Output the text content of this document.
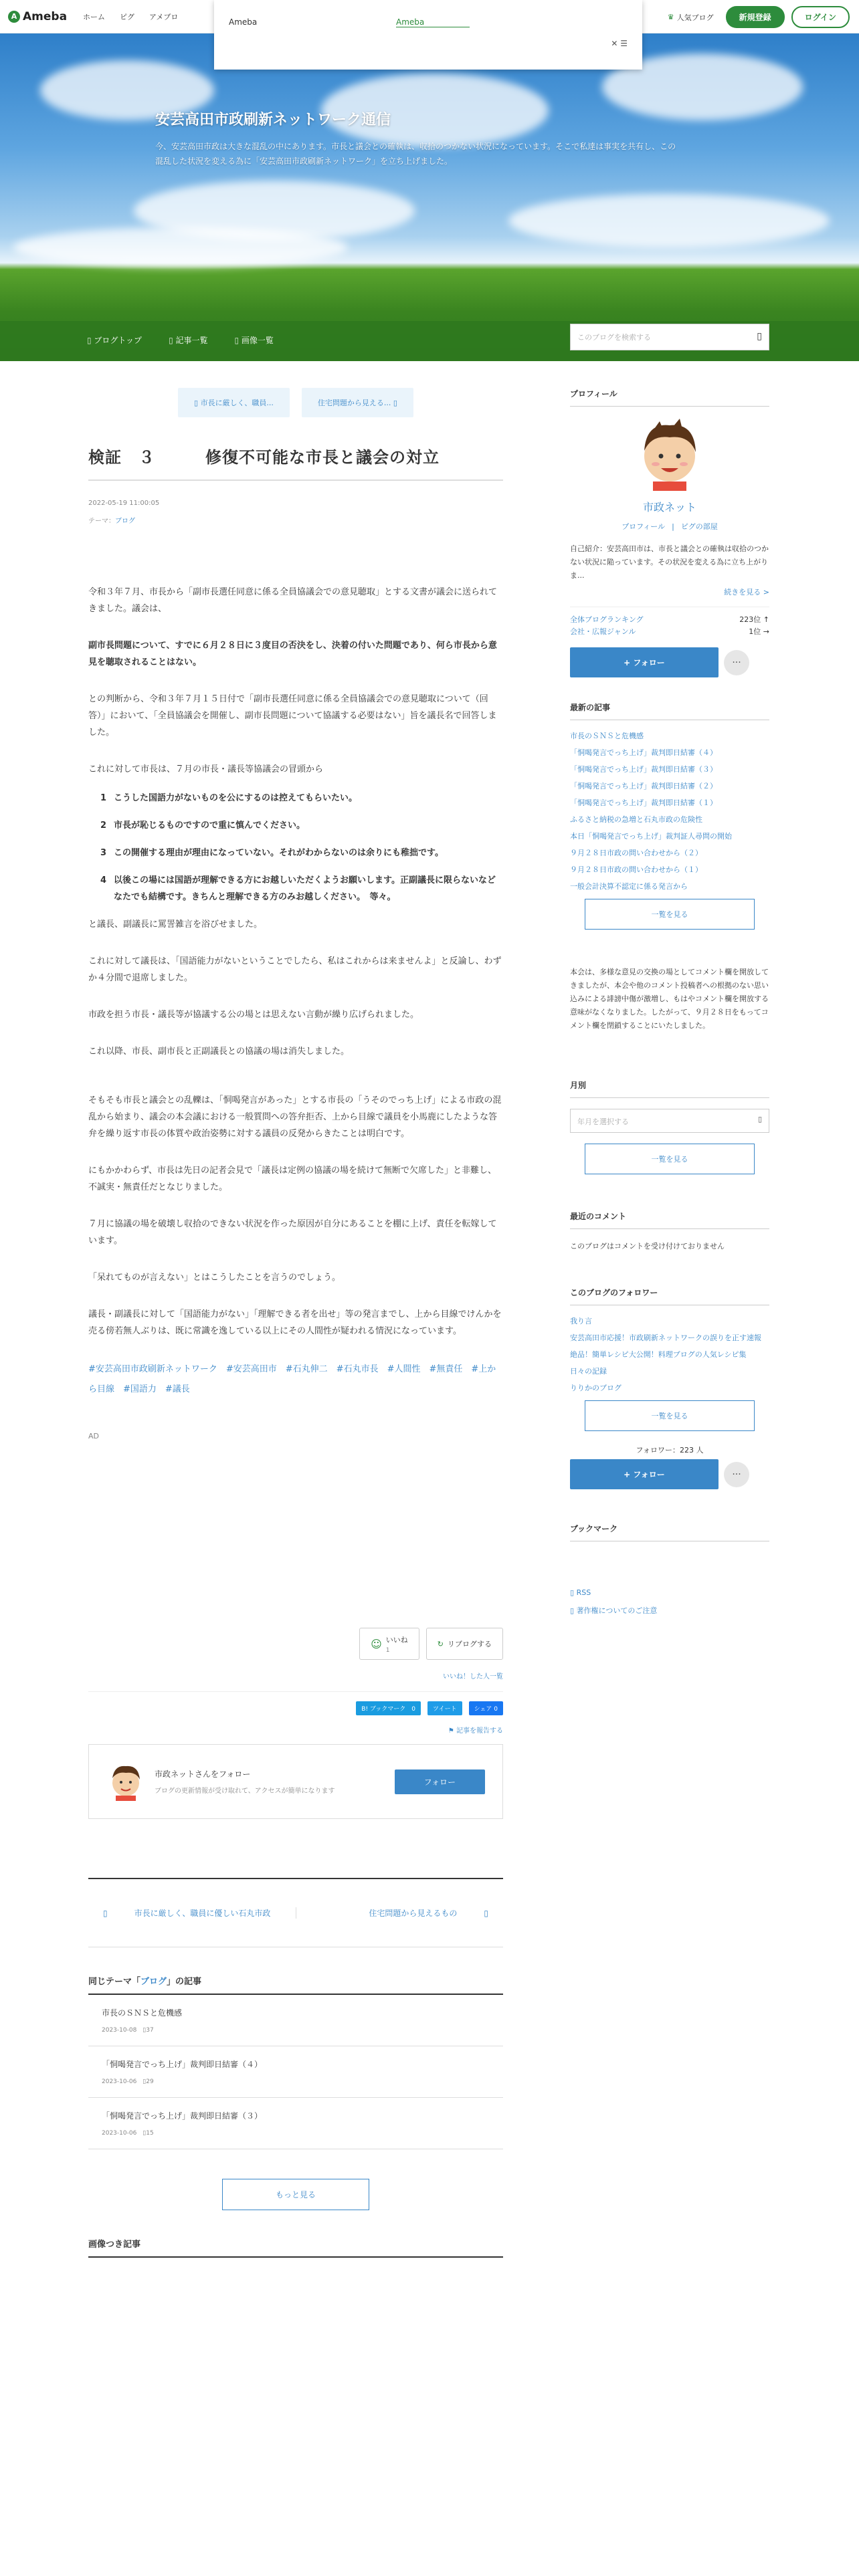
A Ameba ホーム ピグ アメブロ	♛ 人気ブログ	新規登録	ログイン
安芸高田市政刷新ネットワーク通信
今、安芸高田市政は大きな混乱の中にあります。市長と議会との確執は、収拾のつかない状況になっています。そこで私達は事実を共有し、この混乱した状況を変える為に「安芸高田市政刷新ネットワーク」を立ち上げました。
Ameba	Ameba
✕ ☰
▯ ブログトップ	▯ 記事一覧	▯ 画像一覧	このブログを検索する	▯
▯ 市長に厳しく、職員...	住宅問題から見える... ▯
検証　３　　　修復不可能な市長と議会の対立
2022-05-19 11:00:05
テーマ：ブログ

令和３年７月、市長から「副市長選任同意に係る全員協議会での意見聴取」とする文書が議会に送られてきました。議会は、

副市長問題について、すでに６月２８日に３度目の否決をし、決着の付いた問題であり、何ら市長から意見を聴取されることはない。

との判断から、令和３年７月１５日付で「副市長選任同意に係る全員協議会での意見聴取について（回答）」において、「全員協議会を開催し、副市長問題について協議する必要はない」旨を議長名で回答しました。

これに対して市長は、７月の市長・議長等協議会の冒頭から

1 こうした国語力がないものを公にするのは控えてもらいたい。
2 市長が恥じるものですので重に慎んでください。
3 この開催する理由が理由になっていない。それがわからないのは余りにも稚拙です。
4 以後この場には国語が理解できる方にお越しいただくようお願いします。正副議長に限らないなどなたでも結構です。きちんと理解できる方のみお越しください。　等々。

と議長、副議長に罵詈雑言を浴びせました。

これに対して議長は、「国語能力がないということでしたら、私はこれからは来ませんよ」と反論し、わずか４分間で退席しました。

市政を担う市長・議長等が協議する公の場とは思えない言動が繰り広げられました。

これ以降、市長、副市長と正副議長との協議の場は消失しました。

そもそも市長と議会との乱轢は、「恫喝発言があった」とする市長の「うそのでっち上げ」による市政の混乱から始まり、議会の本会議における一般質問への答弁拒否、上から目線で議員を小馬鹿にしたような答弁を繰り返す市長の体質や政治姿勢に対する議員の反発からきたことは明白です。

にもかかわらず、市長は先日の記者会見で「議長は定例の協議の場を続けて無断で欠席した」と非難し、不誠実・無責任だとなじりました。

７月に協議の場を破壊し収拾のできない状況を作った原因が自分にあることを棚に上げ、責任を転嫁しています。

「呆れてものが言えない」とはこうしたことを言うのでしょう。

議長・副議長に対して「国語能力がない」「理解できる者を出せ」等の発言までし、上から目線でけんかを売る傍若無人ぶりは、既に常識を逸している以上にその人間性が疑われる情況になっています。

#安芸高田市政刷新ネットワーク　#安芸高田市　#石丸伸二　#石丸市長　#人間性　#無責任　#上から目線　#国語力　#議長
AD
☺ いいね
1
↻ リブログする
いいね！した人一覧
B! ブックマーク　0	ツイート	シェア 0
⚑ 記事を報告する
市政ネットさんをフォロー
ブログの更新情報が受け取れて、アクセスが簡単になります
フォロー
▯	市長に厳しく、職員に優しい石丸市政	住宅問題から見えるもの	▯
同じテーマ「ブログ」の記事
市長のＳＮＳと危機感
2023-10-08　▯37
「恫喝発言でっち上げ」裁判即日結審（４）
2023-10-06　▯29
「恫喝発言でっち上げ」裁判即日結審（３）
2023-10-06　▯15
もっと見る
画像つき記事
プロフィール
市政ネット
プロフィール | ピグの部屋
自己紹介：安芸高田市は、市長と議会との確執は収拾のつかない状況に陥っています。その状況を変える為に立ち上がりま...
続きを見る >
全体ブログランキング	223位 ↑
会社・広報ジャンル	1位 →
+ フォロー	···
最新の記事
市長のＳＮＳと危機感
「恫喝発言でっち上げ」裁判即日結審（４）
「恫喝発言でっち上げ」裁判即日結審（３）
「恫喝発言でっち上げ」裁判即日結審（２）
「恫喝発言でっち上げ」裁判即日結審（１）
ふるさと納税の急増と石丸市政の危険性
本日「恫喝発言でっち上げ」裁判証人尋問の開始
９月２８日市政の問い合わせから（２）
９月２８日市政の問い合わせから（１）
一般会計決算不認定に係る発言から
一覧を見る
本会は、多様な意見の交換の場としてコメント欄を開放してきましたが、本会や他のコメント投稿者への根拠のない思い込みによる誹謗中傷が激増し、もはやコメント欄を開放する意味がなくなりました。したがって、９月２８日をもってコメント欄を閉鎖することにいたしました。
月別
年月を選択する	▯
一覧を見る
最近のコメント
このブログはコメントを受け付けておりません
このブログのフォロワー
我り言
安芸高田市応援！市政刷新ネットワークの誤りを正す速報
絶品！簡単レシピ大公開！料理ブログの人気レシピ集
日々の記録
りりかのブログ
一覧を見る
フォロワー：223 人
+ フォロー	···
ブックマーク
▯ RSS
▯ 著作権についてのご注意
